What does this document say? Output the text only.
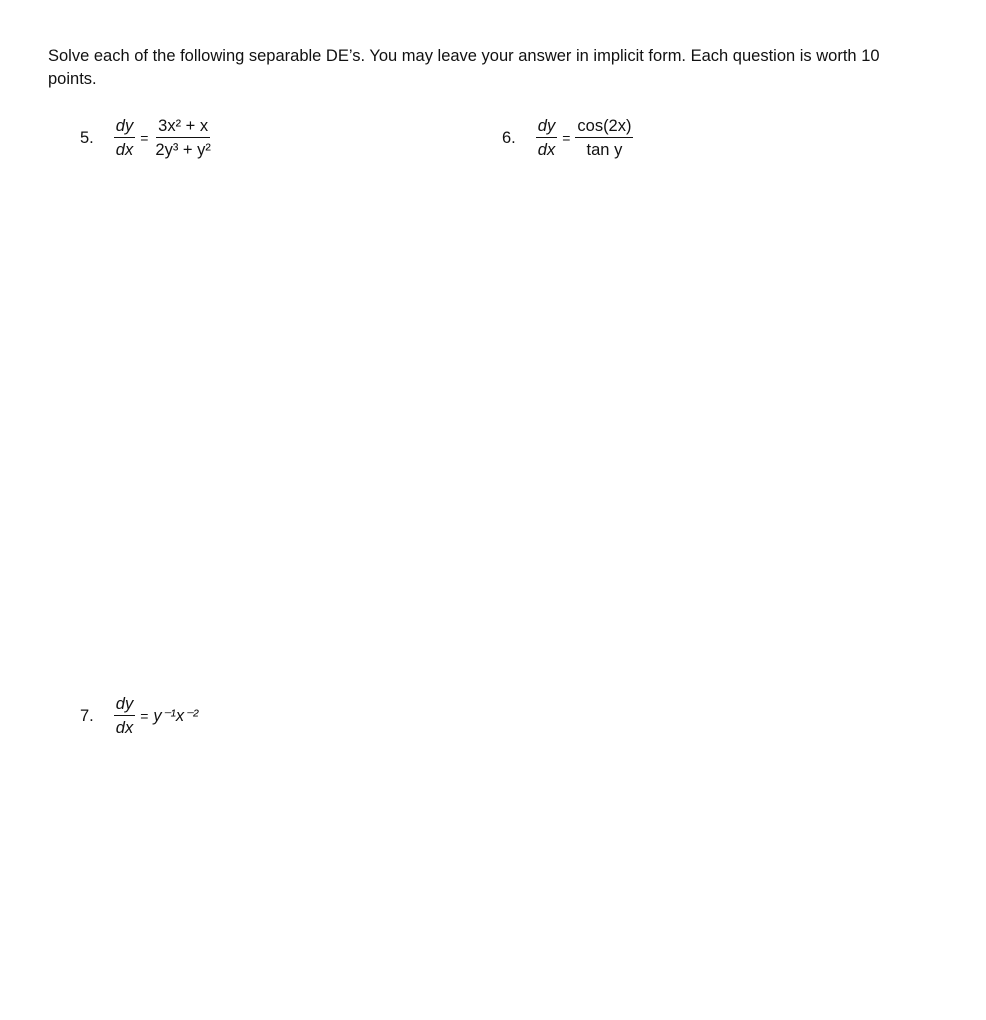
Solve each of the following separable DE’s. You may leave your answer in implicit form. Each question is worth 10 points.
5. $\frac{dy}{dx} = \frac{\text{3x² + x}}{\text{2y³ + y²}}$	6. $\frac{dy}{dx} = \frac{\cos(2x)}{\text{tan y}}$
7. $\frac{dy}{dx} = y^{-1}x^{-2}$
